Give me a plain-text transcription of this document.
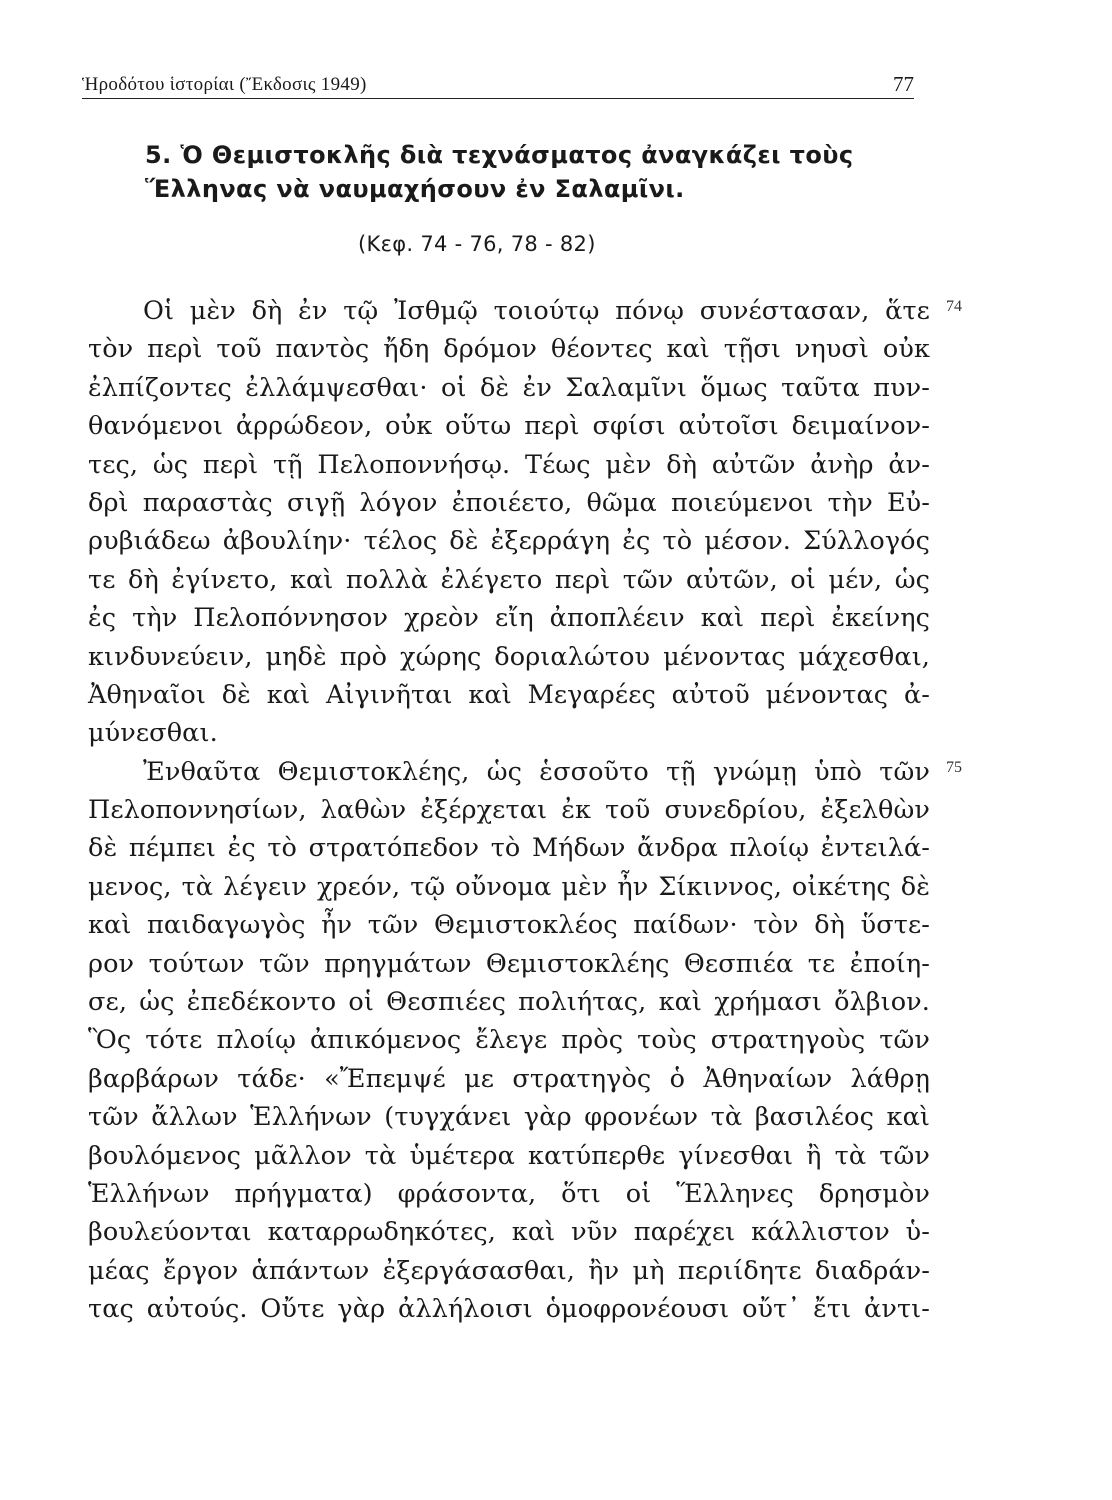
Ἡροδότου ἱστορίαι (Ἔκδοσις 1949)	77
5. Ὁ Θεμιστοκλῆς διὰ τεχνάσματος ἀναγκάζει τοὺς
Ἕλληνας νὰ ναυμαχήσουν ἐν Σαλαμῖνι.
(Κεφ. 74 - 76, 78 - 82)
74
75
Οἱ μὲν δὴ ἐν τῷ Ἰσθμῷ τοιούτῳ πόνῳ συνέστασαν, ἅτε
τὸν περὶ τοῦ παντὸς ἤδη δρόμον θέοντες καὶ τῇσι νηυσὶ οὐκ
ἐλπίζοντες ἐλλάμψεσθαι· οἱ δὲ ἐν Σαλαμῖνι ὅμως ταῦτα πυν-
θανόμενοι ἀρρώδεον, οὐκ οὕτω περὶ σφίσι αὐτοῖσι δειμαίνον-
τες, ὡς περὶ τῇ Πελοποννήσῳ. Τέως μὲν δὴ αὐτῶν ἀνὴρ ἀν-
δρὶ παραστὰς σιγῇ λόγον ἐποιέετο, θῶμα ποιεύμενοι τὴν Εὐ-
ρυβιάδεω ἀβουλίην· τέλος δὲ ἐξερράγη ἐς τὸ μέσον. Σύλλογός
τε δὴ ἐγίνετο, καὶ πολλὰ ἐλέγετο περὶ τῶν αὐτῶν, οἱ μέν, ὡς
ἐς τὴν Πελοπόννησον χρεὸν εἴη ἀποπλέειν καὶ περὶ ἐκείνης
κινδυνεύειν, μηδὲ πρὸ χώρης δοριαλώτου μένοντας μάχεσθαι,
Ἀθηναῖοι δὲ καὶ Αἰγινῆται καὶ Μεγαρέες αὐτοῦ μένοντας ἀ-
μύνεσθαι.
Ἐνθαῦτα Θεμιστοκλέης, ὡς ἑσσοῦτο τῇ γνώμῃ ὑπὸ τῶν
Πελοποννησίων, λαθὼν ἐξέρχεται ἐκ τοῦ συνεδρίου, ἐξελθὼν
δὲ πέμπει ἐς τὸ στρατόπεδον τὸ Μήδων ἄνδρα πλοίῳ ἐντειλά-
μενος, τὰ λέγειν χρεόν, τῷ οὔνομα μὲν ἦν Σίκιννος, οἰκέτης δὲ
καὶ παιδαγωγὸς ἦν τῶν Θεμιστοκλέος παίδων· τὸν δὴ ὕστε-
ρον τούτων τῶν πρηγμάτων Θεμιστοκλέης Θεσπιέα τε ἐποίη-
σε, ὡς ἐπεδέκοντο οἱ Θεσπιέες πολιήτας, καὶ χρήμασι ὄλβιον.
Ὃς τότε πλοίῳ ἀπικόμενος ἔλεγε πρὸς τοὺς στρατηγοὺς τῶν
βαρβάρων τάδε· «Ἔπεμψέ με στρατηγὸς ὁ Ἀθηναίων λάθρῃ
τῶν ἄλλων Ἑλλήνων (τυγχάνει γὰρ φρονέων τὰ βασιλέος καὶ
βουλόμενος μᾶλλον τὰ ὑμέτερα κατύπερθε γίνεσθαι ἢ τὰ τῶν
Ἑλλήνων πρήγματα) φράσοντα, ὅτι οἱ Ἕλληνες δρησμὸν
βουλεύονται καταρρωδηκότες, καὶ νῦν παρέχει κάλλιστον ὑ-
μέας ἔργον ἁπάντων ἐξεργάσασθαι, ἢν μὴ περιίδητε διαδράν-
τας αὐτούς. Οὔτε γὰρ ἀλλήλοισι ὁμοφρονέουσι οὔτ᾽ ἔτι ἀντι-
